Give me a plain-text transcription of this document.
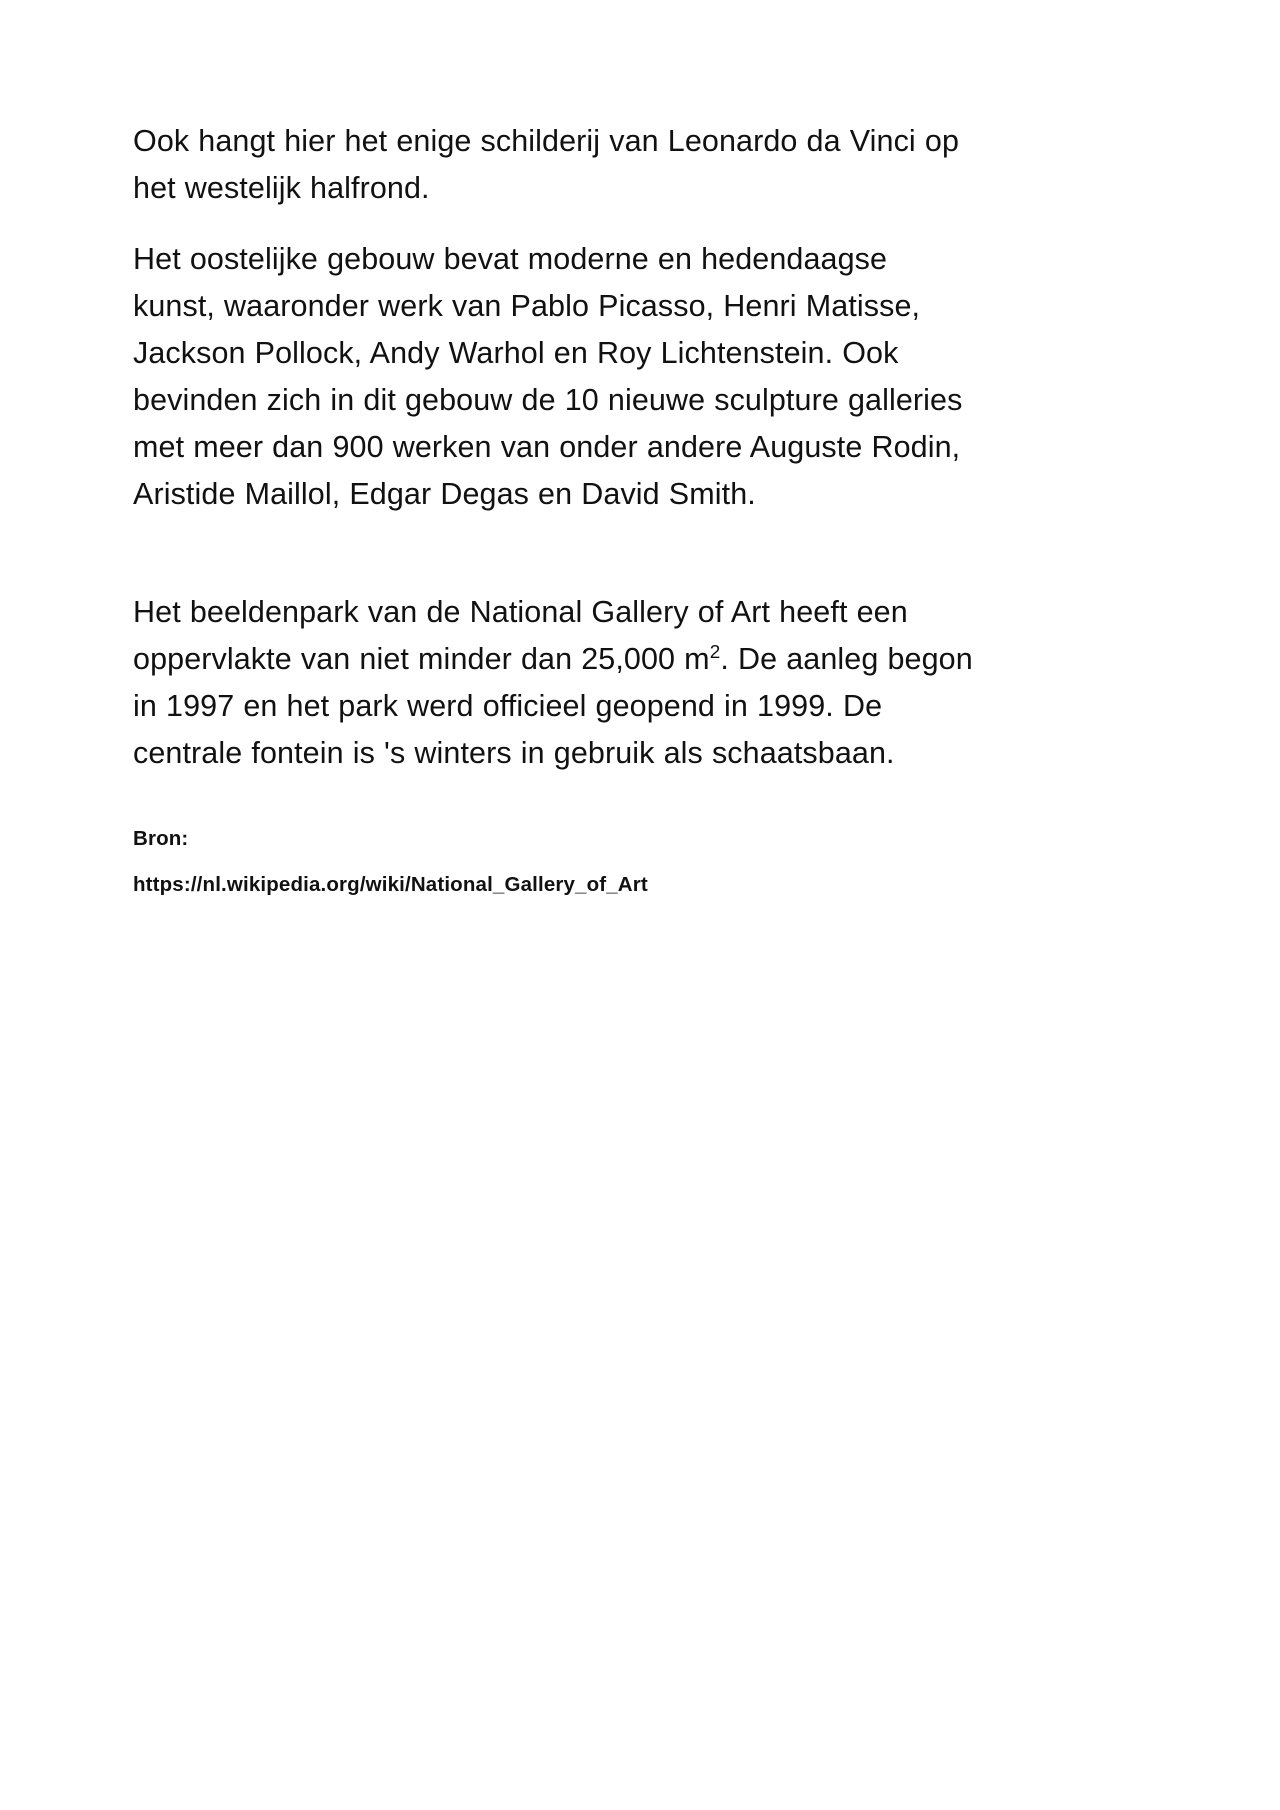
Ook hangt hier het enige schilderij van Leonardo da Vinci op het westelijk halfrond.

Het oostelijke gebouw bevat moderne en hedendaagse kunst, waaronder werk van Pablo Picasso, Henri Matisse, Jackson Pollock, Andy Warhol en Roy Lichtenstein. Ook bevinden zich in dit gebouw de 10 nieuwe sculpture galleries met meer dan 900 werken van onder andere Auguste Rodin, Aristide Maillol, Edgar Degas en David Smith.

Het beeldenpark van de National Gallery of Art heeft een oppervlakte van niet minder dan 25,000 $m^2$. De aanleg begon in 1997 en het park werd officieel geopend in 1999. De centrale fontein is 's winters in gebruik als schaatsbaan.

Bron:

https://nl.wikipedia.org/wiki/National_Gallery_of_Art
